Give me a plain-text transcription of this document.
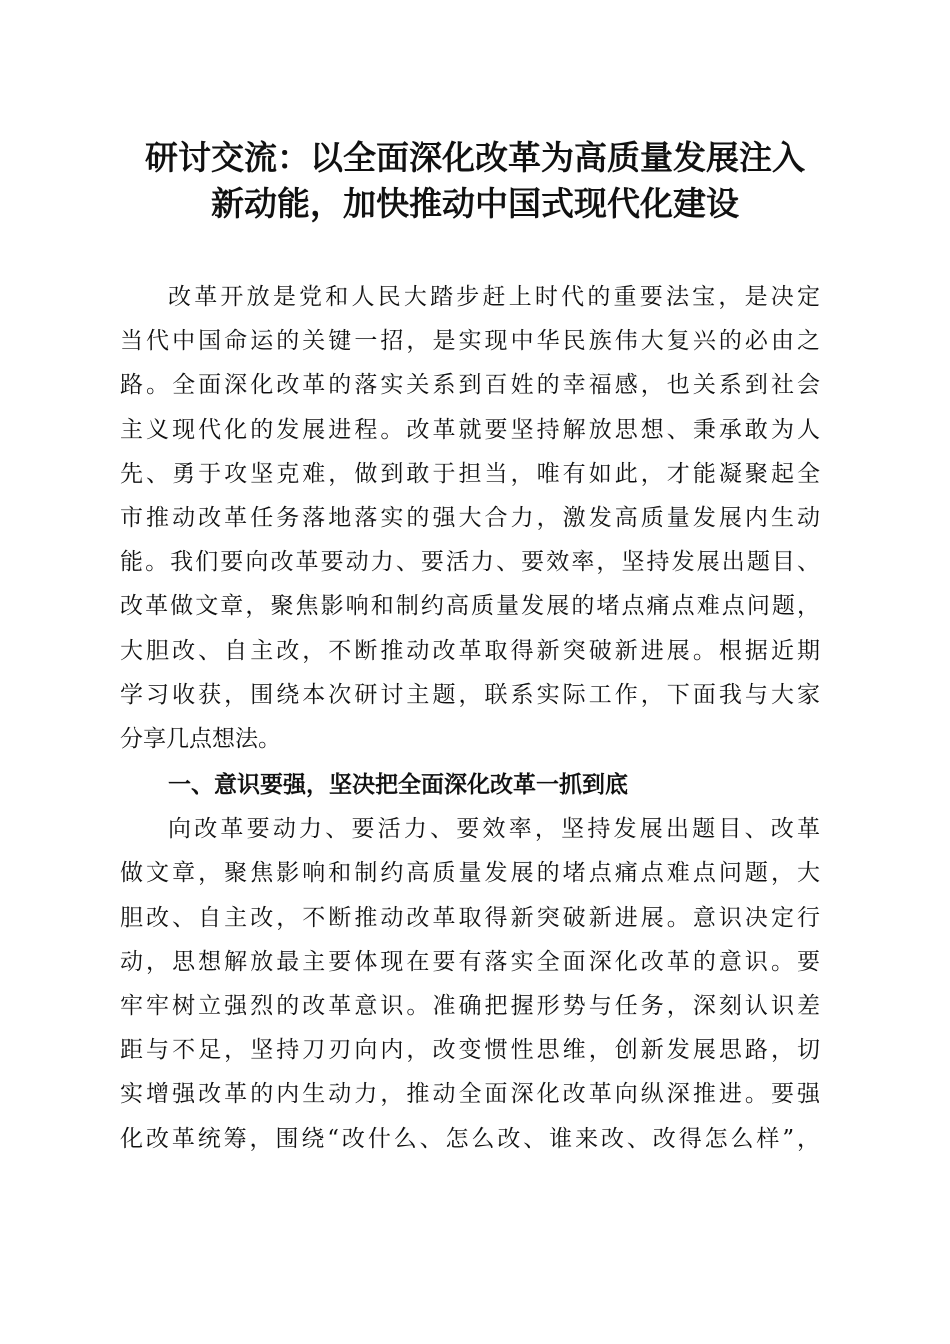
研讨交流：以全面深化改革为高质量发展注入
新动能，加快推动中国式现代化建设
改革开放是党和人民大踏步赶上时代的重要法宝，是决定
当代中国命运的关键一招，是实现中华民族伟大复兴的必由之
路。全面深化改革的落实关系到百姓的幸福感，也关系到社会
主义现代化的发展进程。改革就要坚持解放思想、秉承敢为人
先、勇于攻坚克难，做到敢于担当，唯有如此，才能凝聚起全
市推动改革任务落地落实的强大合力，激发高质量发展内生动
能。我们要向改革要动力、要活力、要效率，坚持发展出题目、
改革做文章，聚焦影响和制约高质量发展的堵点痛点难点问题，
大胆改、自主改，不断推动改革取得新突破新进展。根据近期
学习收获，围绕本次研讨主题，联系实际工作，下面我与大家
分享几点想法。
一、意识要强，坚决把全面深化改革一抓到底
向改革要动力、要活力、要效率，坚持发展出题目、改革
做文章，聚焦影响和制约高质量发展的堵点痛点难点问题，大
胆改、自主改，不断推动改革取得新突破新进展。意识决定行
动，思想解放最主要体现在要有落实全面深化改革的意识。要
牢牢树立强烈的改革意识。准确把握形势与任务，深刻认识差
距与不足，坚持刀刃向内，改变惯性思维，创新发展思路，切
实增强改革的内生动力，推动全面深化改革向纵深推进。要强
化改革统筹，围绕“改什么、怎么改、谁来改、改得怎么样”，
